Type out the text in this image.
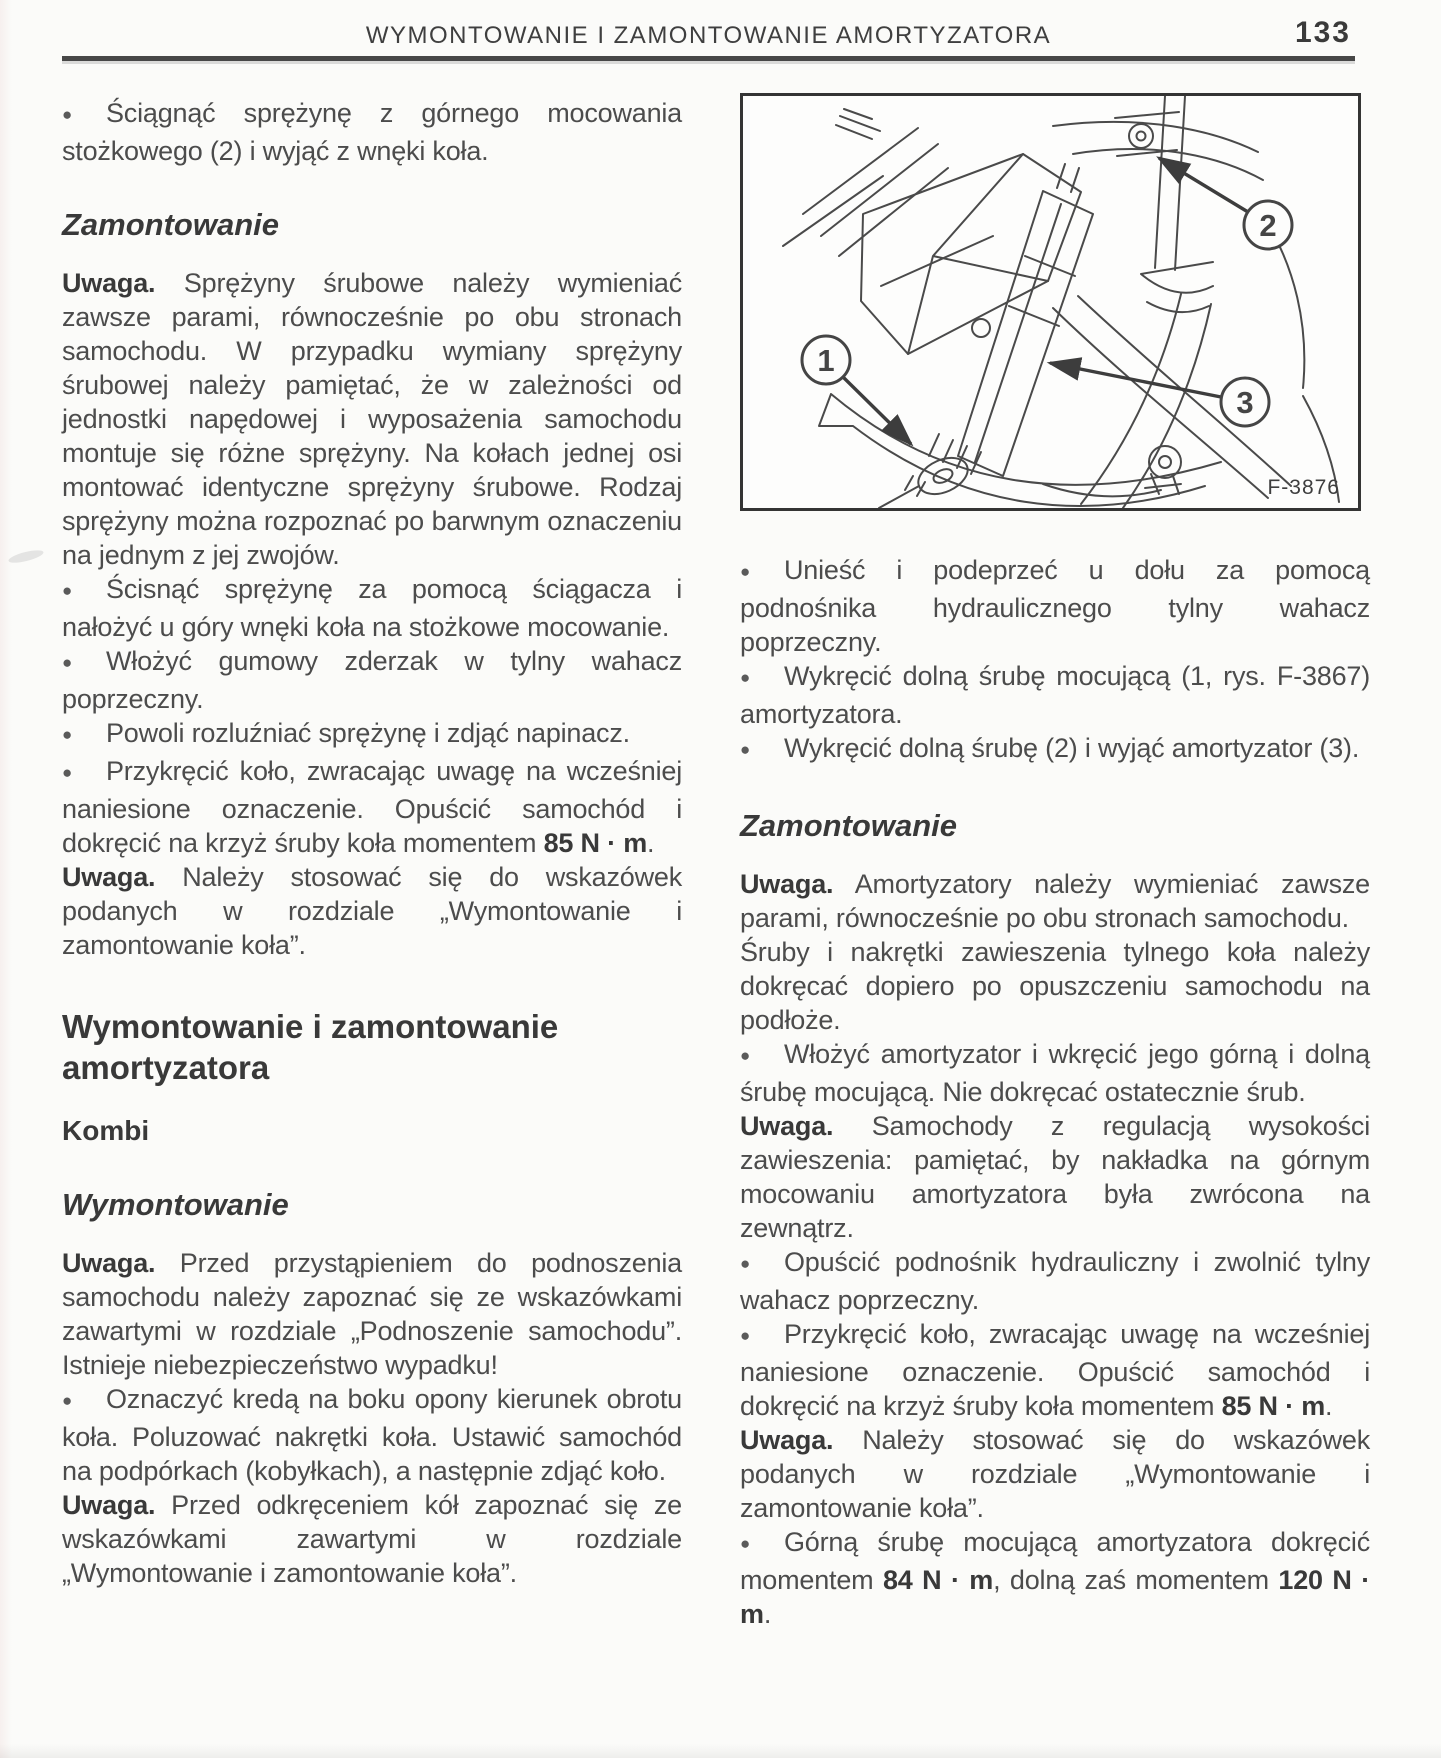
WYMONTOWANIE I ZAMONTOWANIE AMORTYZATORA	133

● Ściągnąć sprężynę z górnego mocowania stożkowego (2) i wyjąć z wnęki koła.

Zamontowanie

Uwaga. Sprężyny śrubowe należy wymieniać zawsze parami, równocześnie po obu stronach samochodu. W przypadku wymiany sprężyny śrubowej należy pamiętać, że w zależności od jednostki napędowej i wyposażenia samochodu montuje się różne sprężyny. Na kołach jednej osi montować identyczne sprężyny śrubowe. Rodzaj sprężyny można rozpoznać po barwnym oznaczeniu na jednym z jej zwojów.

● Ścisnąć sprężynę za pomocą ściągacza i nałożyć u góry wnęki koła na stożkowe mocowanie.

● Włożyć gumowy zderzak w tylny wahacz poprzeczny.

● Powoli rozluźniać sprężynę i zdjąć napinacz.

● Przykręcić koło, zwracając uwagę na wcześniej naniesione oznaczenie. Opuścić samochód i dokręcić na krzyż śruby koła momentem 85 N · m.

Uwaga. Należy stosować się do wskazówek podanych w rozdziale „Wymontowanie i zamontowanie koła”.

Wymontowanie i zamontowanie amortyzatora
Kombi
Wymontowanie

Uwaga. Przed przystąpieniem do podnoszenia samochodu należy zapoznać się ze wskazówkami zawartymi w rozdziale „Podnoszenie samochodu”. Istnieje niebezpieczeństwo wypadku!

● Oznaczyć kredą na boku opony kierunek obrotu koła. Poluzować nakrętki koła. Ustawić samochód na podpórkach (kobyłkach), a następnie zdjąć koło.

Uwaga. Przed odkręceniem kół zapoznać się ze wskazówkami zawartymi w rozdziale „Wymontowanie i zamontowanie koła”.

1
2
3
F-3876

● Unieść i podeprzeć u dołu za pomocą podnośnika hydraulicznego tylny wahacz poprzeczny.

● Wykręcić dolną śrubę mocującą (1, rys. F-3867) amortyzatora.

● Wykręcić dolną śrubę (2) i wyjąć amortyzator (3).

Zamontowanie

Uwaga. Amortyzatory należy wymieniać zawsze parami, równocześnie po obu stronach samochodu.

Śruby i nakrętki zawieszenia tylnego koła należy dokręcać dopiero po opuszczeniu samochodu na podłoże.

● Włożyć amortyzator i wkręcić jego górną i dolną śrubę mocującą. Nie dokręcać ostatecznie śrub.

Uwaga. Samochody z regulacją wysokości zawieszenia: pamiętać, by nakładka na górnym mocowaniu amortyzatora była zwrócona na zewnątrz.

● Opuścić podnośnik hydrauliczny i zwolnić tylny wahacz poprzeczny.

● Przykręcić koło, zwracając uwagę na wcześniej naniesione oznaczenie. Opuścić samochód i dokręcić na krzyż śruby koła momentem 85 N · m.

Uwaga. Należy stosować się do wskazówek podanych w rozdziale „Wymontowanie i zamontowanie koła”.

● Górną śrubę mocującą amortyzatora dokręcić momentem 84 N · m, dolną zaś momentem 120 N · m.
